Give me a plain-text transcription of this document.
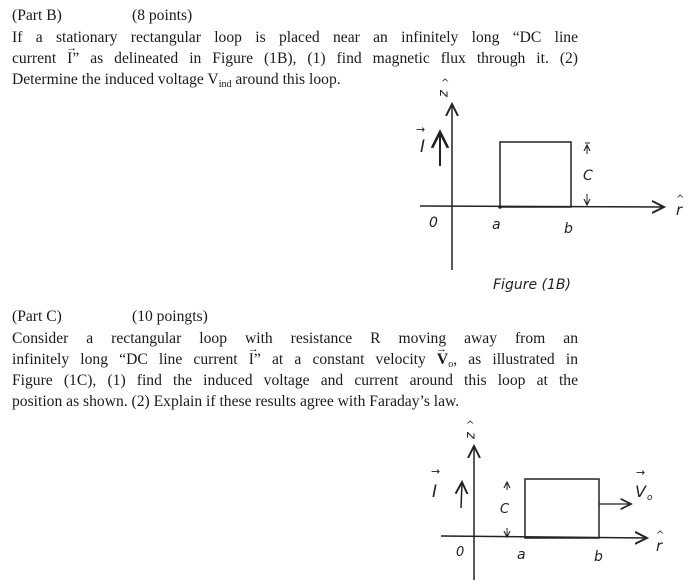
(Part B)	(8 points)
If a stationary rectangular loop is placed near an infinitely long “DC line
current → I” as delineated in Figure (1B), (1) find magnetic flux through it. (2)
Determine the induced voltage $V_{ind}$ around this loop.
I
→
z
^
0	a	b
C
r
^
Figure (1B)
I
→
z
^
0	a	b
C
V o
→
r
^
(Part C)	(10 poingts)
Consider a rectangular loop with resistance R moving away from an
infinitely long “DC line current → I” at a constant velocity → $V_o$, as illustrated in
Figure (1C), (1) find the induced voltage and current around this loop at the
position as shown. (2) Explain if these results agree with Faraday’s law.
